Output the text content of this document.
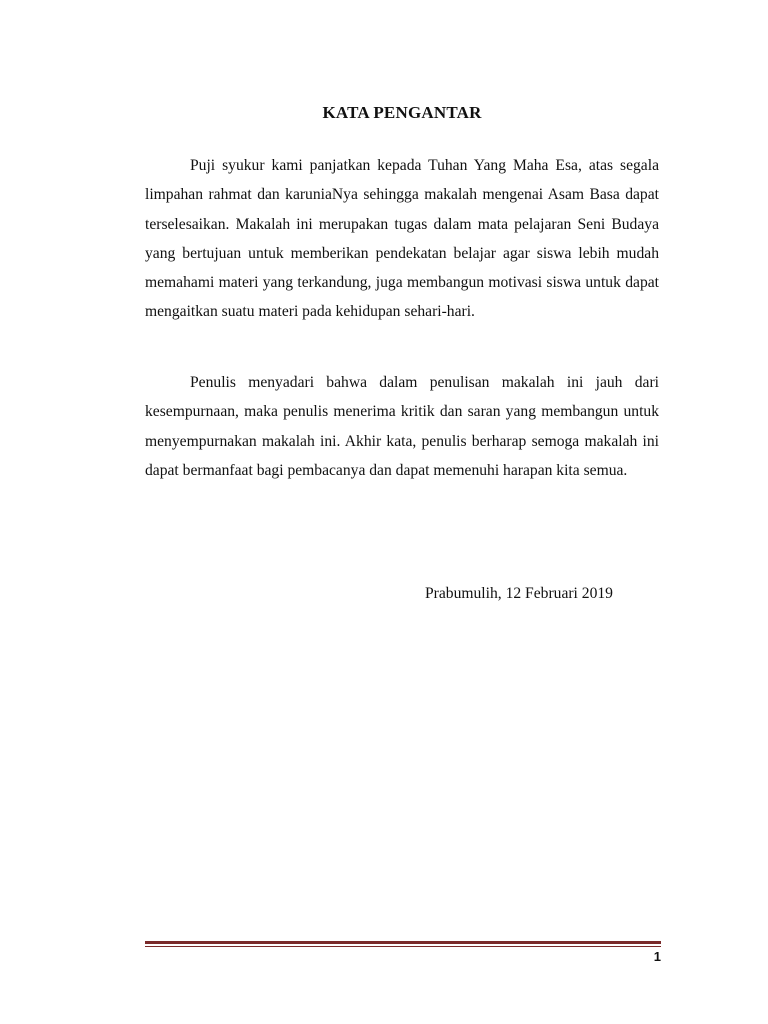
KATA PENGANTAR

Puji syukur kami panjatkan kepada Tuhan Yang Maha Esa, atas segala limpahan rahmat dan karuniaNya sehingga makalah mengenai Asam Basa dapat terselesaikan. Makalah ini merupakan tugas dalam mata pelajaran Seni Budaya yang bertujuan untuk memberikan pendekatan belajar agar siswa lebih mudah memahami materi yang terkandung, juga membangun motivasi siswa untuk dapat mengaitkan suatu materi pada kehidupan sehari-hari.

Penulis menyadari bahwa dalam penulisan makalah ini jauh dari kesempurnaan, maka penulis menerima kritik dan saran yang membangun untuk menyempurnakan makalah ini. Akhir kata, penulis berharap semoga makalah ini dapat bermanfaat bagi pembacanya dan dapat memenuhi harapan kita semua.

Prabumulih, 12 Februari 2019
1
